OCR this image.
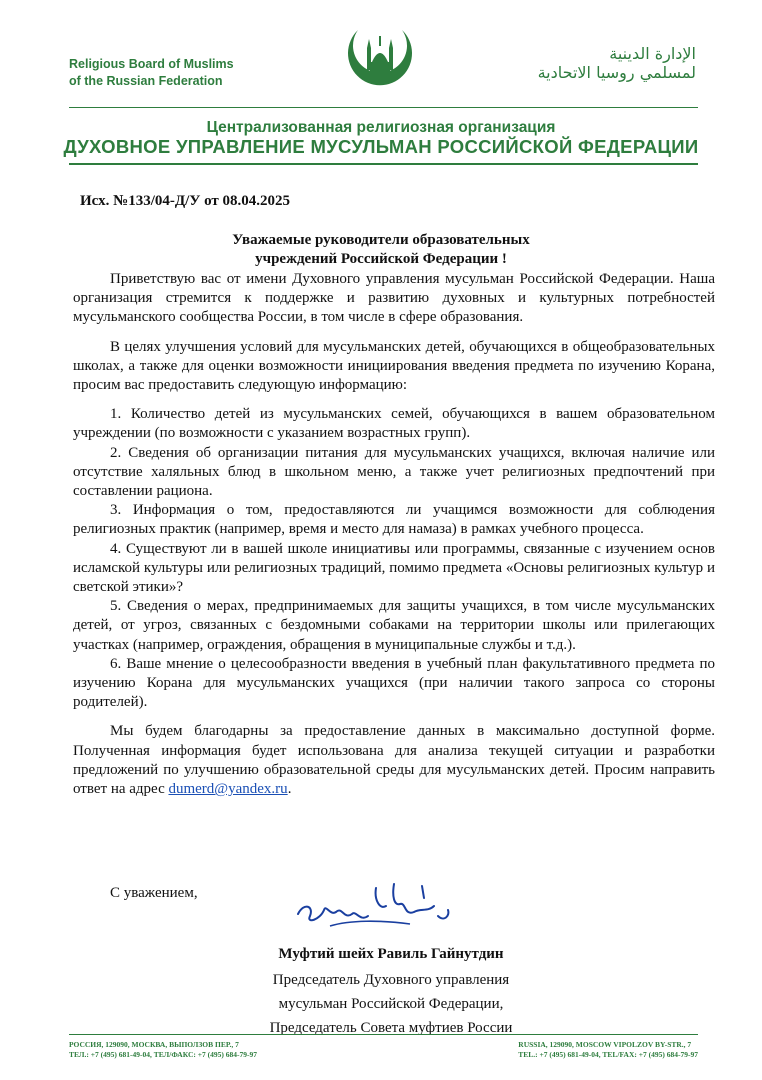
Religious Board of Muslims
of the Russian Federation
الإدارة الدينية
لمسلمي روسيا الاتحادية
Централизованная религиозная организация
ДУХОВНОЕ УПРАВЛЕНИЕ МУСУЛЬМАН РОССИЙСКОЙ ФЕДЕРАЦИИ
Исх. №133/04-Д/У от 08.04.2025
Уважаемые руководители образовательных
учреждений Российской Федерации !

Приветствую вас от имени Духовного управления мусульман Российской Федерации. Наша организация стремится к поддержке и развитию духовных и культурных потребностей мусульманского сообщества России, в том числе в сфере образования.

В целях улучшения условий для мусульманских детей, обучающихся в общеобразовательных школах, а также для оценки возможности инициирования введения предмета по изучению Корана, просим вас предоставить следующую информацию:

1. Количество детей из мусульманских семей, обучающихся в вашем образовательном учреждении (по возможности с указанием возрастных групп).

2. Сведения об организации питания для мусульманских учащихся, включая наличие или отсутствие халяльных блюд в школьном меню, а также учет религиозных предпочтений при составлении рациона.

3. Информация о том, предоставляются ли учащимся возможности для соблюдения религиозных практик (например, время и место для намаза) в рамках учебного процесса.

4. Существуют ли в вашей школе инициативы или программы, связанные с изучением основ исламской культуры или религиозных традиций, помимо предмета «Основы религиозных культур и светской этики»?

5. Сведения о мерах, предпринимаемых для защиты учащихся, в том числе мусульманских детей, от угроз, связанных с бездомными собаками на территории школы или прилегающих участках (например, ограждения, обращения в муниципальные службы и т.д.).

6. Ваше мнение о целесообразности введения в учебный план факультативного предмета по изучению Корана для мусульманских учащихся (при наличии такого запроса со стороны родителей).

Мы будем благодарны за предоставление данных в максимально доступной форме. Полученная информация будет использована для анализа текущей ситуации и разработки предложений по улучшению образовательной среды для мусульманских детей. Просим направить ответ на адрес dumerd@yandex.ru.

С уважением,
Муфтий шейх Равиль Гайнутдин
Председатель Духовного управления
мусульман Российской Федерации,
Председатель Совета муфтиев России
РОССИЯ, 129090, МОСКВА, ВЫПОЛЗОВ ПЕР., 7
ТЕЛ.: +7 (495) 681-49-04, ТЕЛ/ФАКС: +7 (495) 684-79-97
RUSSIA, 129090, MOSCOW VIPOLZOV BY-STR., 7
TEL.: +7 (495) 681-49-04, TEL/FAX: +7 (495) 684-79-97
